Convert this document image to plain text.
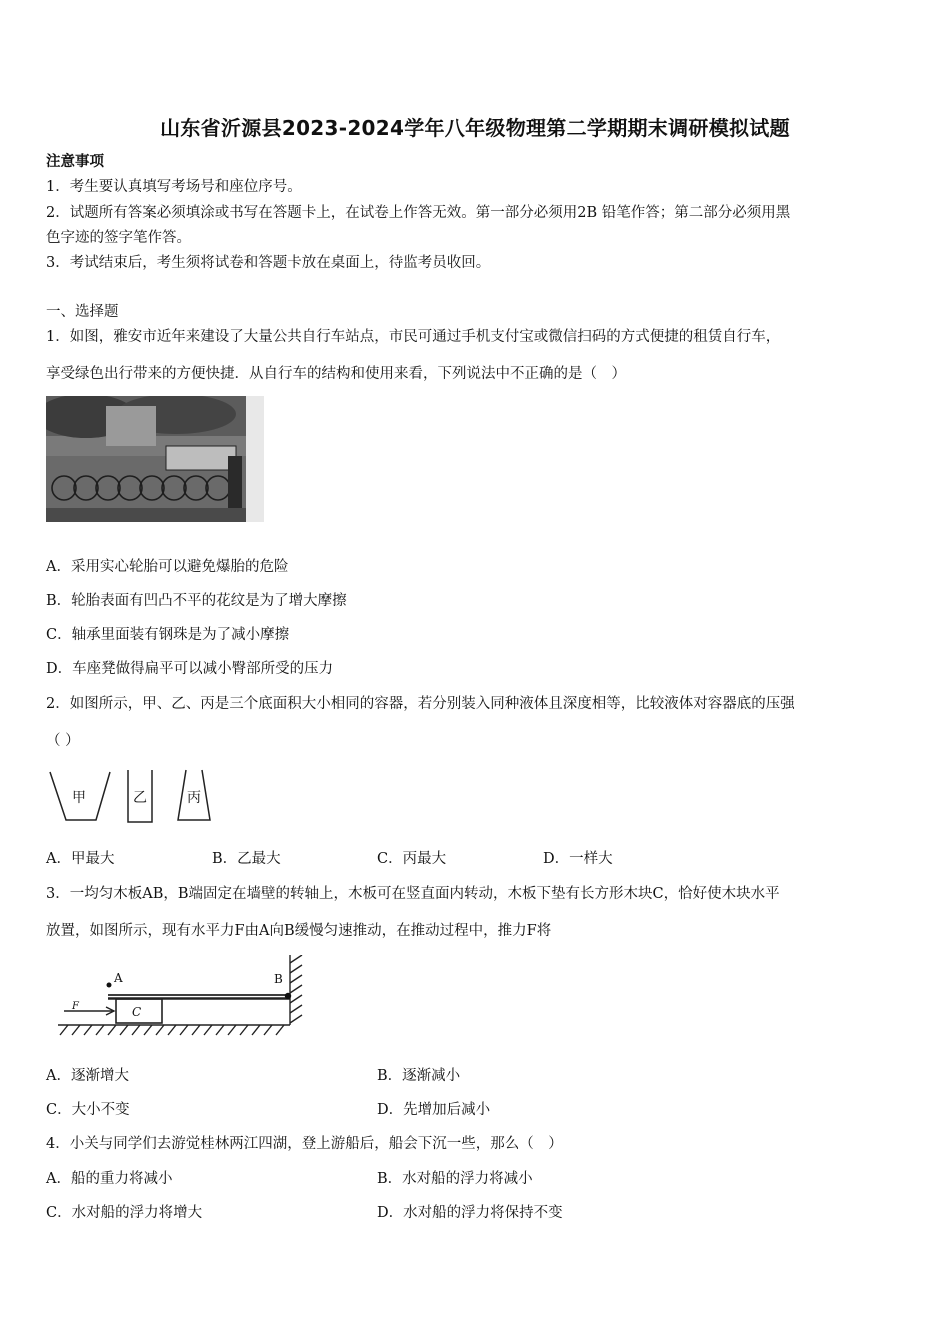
山东省沂源县2023-2024学年八年级物理第二学期期末调研模拟试题
注意事项
1．考生要认真填写考场号和座位序号。
2．试题所有答案必须填涂或书写在答题卡上，在试卷上作答无效。第一部分必须用2B 铅笔作答；第二部分必须用黑
色字迹的签字笔作答。
3．考试结束后，考生须将试卷和答题卡放在桌面上，待监考员收回。
一、选择题
1．如图，雅安市近年来建设了大量公共自行车站点，市民可通过手机支付宝或微信扫码的方式便捷的租赁自行车，
享受绿色出行带来的方便快捷．从自行车的结构和使用来看，下列说法中不正确的是（　）
A．采用实心轮胎可以避免爆胎的危险
B．轮胎表面有凹凸不平的花纹是为了增大摩擦
C．轴承里面装有钢珠是为了减小摩擦
D．车座凳做得扁平可以减小臀部所受的压力
2．如图所示，甲、乙、丙是三个底面积大小相同的容器，若分别装入同种液体且深度相等，比较液体对容器底的压强
（ ）
甲	乙	丙
A．甲最大	B．乙最大	C．丙最大	D．一样大
3．一均匀木板AB，B端固定在墙壁的转轴上，木板可在竖直面内转动，木板下垫有长方形木块C，恰好使木块水平
放置，如图所示，现有水平力F由A向B缓慢匀速推动，在推动过程中，推力F将
A	B
C
F
A．逐渐增大	B．逐渐减小
C．大小不变	D．先增加后减小
4．小关与同学们去游觉桂林两江四湖，登上游船后，船会下沉一些，那么（　）
A．船的重力将减小	B．水对船的浮力将减小
C．水对船的浮力将增大	D．水对船的浮力将保持不变
